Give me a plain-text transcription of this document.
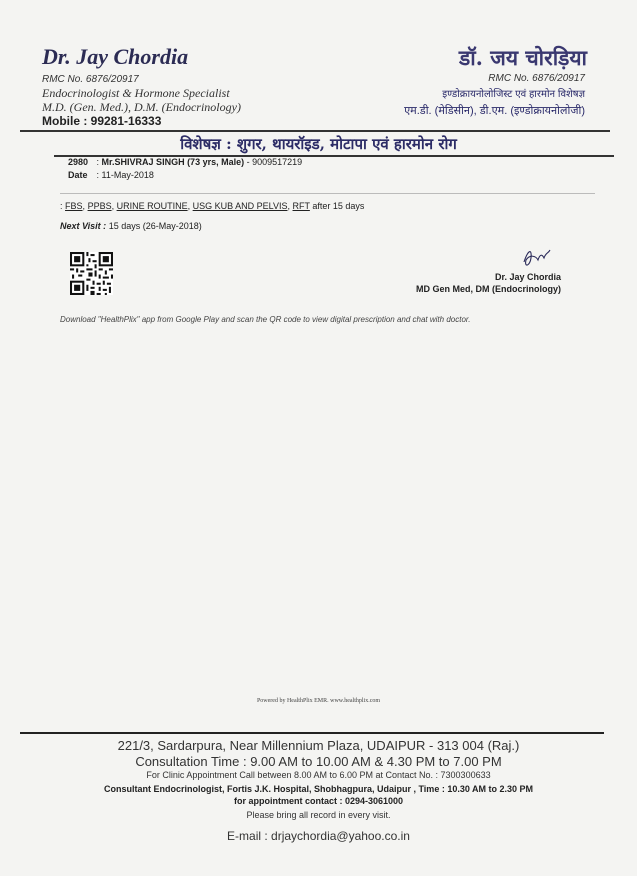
Dr. Jay Chordia
RMC No. 6876/20917
Endocrinologist & Hormone Specialist
M.D. (Gen. Med.), D.M. (Endocrinology)
Mobile : 99281-16333
डॉ. जय चोरड़िया
RMC No. 6876/20917
इण्डोक्रायनोलोजिस्ट एवं हारमोन विशेषज्ञ
एम.डी. (मेडिसीन), डी.एम. (इण्डोक्रायनोलोजी)
विशेषज्ञ : शुगर, थायरॉइड, मोटापा एवं हारमोन रोग
2980 : Mr.SHIVRAJ SINGH (73 yrs, Male) - 9009517219
Date : 11-May-2018
: FBS, PPBS, URINE ROUTINE, USG KUB AND PELVIS, RFT after 15 days
Next Visit : 15 days (26-May-2018)
Dr. Jay Chordia
MD Gen Med, DM (Endocrinology)
Download "HealthPlix" app from Google Play and scan the QR code to view digital prescription and chat with doctor.
Powered by HealthPlix EMR. www.healthplix.com
221/3, Sardarpura, Near Millennium Plaza, UDAIPUR - 313 004 (Raj.)
Consultation Time : 9.00 AM to 10.00 AM & 4.30 PM to 7.00 PM
For Clinic Appointment Call between 8.00 AM to 6.00 PM at Contact No. : 7300300633
Consultant Endocrinologist, Fortis J.K. Hospital, Shobhagpura, Udaipur , Time : 10.30 AM to 2.30 PM
for appointment contact : 0294-3061000
Please bring all record in every visit.
E-mail : drjaychordia@yahoo.co.in
